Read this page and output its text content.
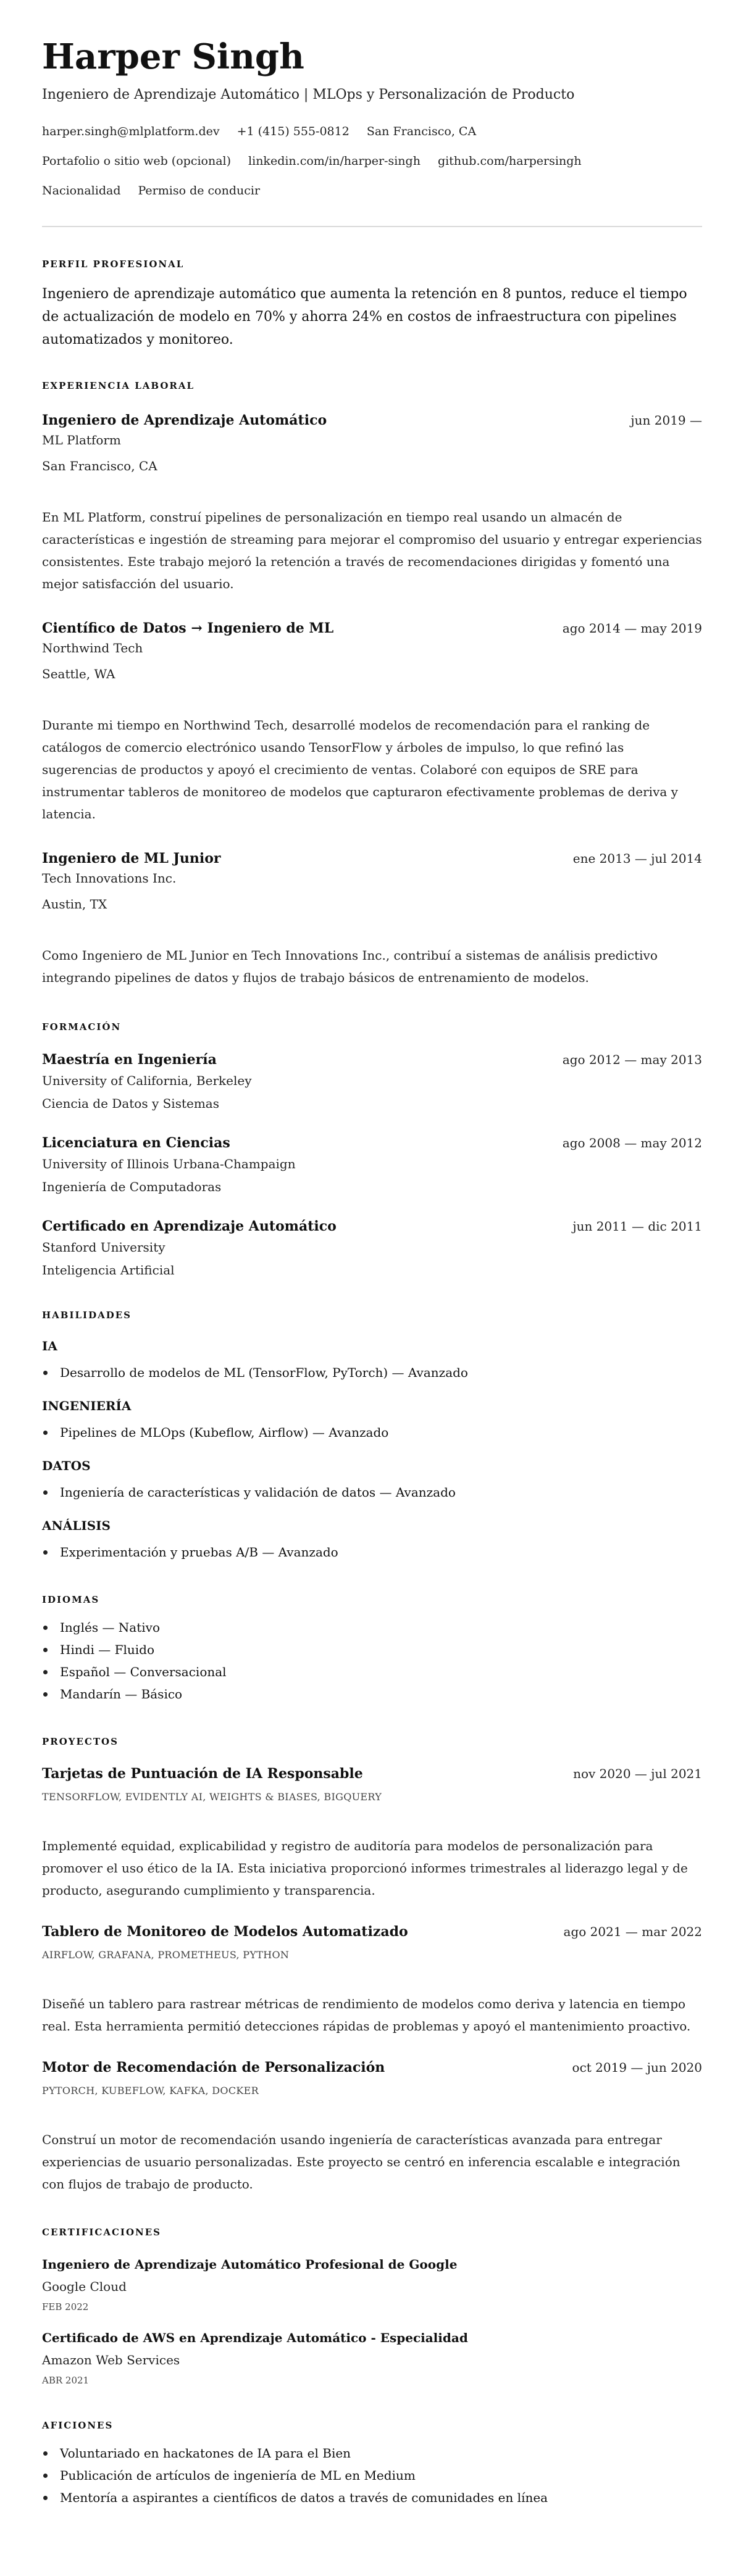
Harper Singh
Ingeniero de Aprendizaje Automático | MLOps y Personalización de Producto
harper.singh@mlplatform.dev +1 (415) 555-0812 San Francisco, CA
Portafolio o sitio web (opcional) linkedin.com/in/harper-singh github.com/harpersingh
Nacionalidad Permiso de conducir
PERFIL PROFESIONAL
Ingeniero de aprendizaje automático que aumenta la retención en 8 puntos, reduce el tiempo de actualización de modelo en 70% y ahorra 24% en costos de infraestructura con pipelines automatizados y monitoreo.
EXPERIENCIA LABORAL
Ingeniero de Aprendizaje Automático	jun 2019 —
ML Platform
San Francisco, CA
En ML Platform, construí pipelines de personalización en tiempo real usando un almacén de características e ingestión de streaming para mejorar el compromiso del usuario y entregar experiencias consistentes. Este trabajo mejoró la retención a través de recomendaciones dirigidas y fomentó una mejor satisfacción del usuario.
Científico de Datos → Ingeniero de ML	ago 2014 — may 2019
Northwind Tech
Seattle, WA
Durante mi tiempo en Northwind Tech, desarrollé modelos de recomendación para el ranking de catálogos de comercio electrónico usando TensorFlow y árboles de impulso, lo que refinó las sugerencias de productos y apoyó el crecimiento de ventas. Colaboré con equipos de SRE para instrumentar tableros de monitoreo de modelos que capturaron efectivamente problemas de deriva y latencia.
Ingeniero de ML Junior	ene 2013 — jul 2014
Tech Innovations Inc.
Austin, TX
Como Ingeniero de ML Junior en Tech Innovations Inc., contribuí a sistemas de análisis predictivo integrando pipelines de datos y flujos de trabajo básicos de entrenamiento de modelos.
FORMACIÓN
Maestría en Ingeniería	ago 2012 — may 2013
University of California, Berkeley
Ciencia de Datos y Sistemas
Licenciatura en Ciencias	ago 2008 — may 2012
University of Illinois Urbana-Champaign
Ingeniería de Computadoras
Certificado en Aprendizaje Automático	jun 2011 — dic 2011
Stanford University
Inteligencia Artificial
HABILIDADES
IA
Desarrollo de modelos de ML (TensorFlow, PyTorch) — Avanzado
INGENIERÍA
Pipelines de MLOps (Kubeflow, Airflow) — Avanzado
DATOS
Ingeniería de características y validación de datos — Avanzado
ANÁLISIS
Experimentación y pruebas A/B — Avanzado
IDIOMAS
Inglés — Nativo
Hindi — Fluido
Español — Conversacional
Mandarín — Básico
PROYECTOS
Tarjetas de Puntuación de IA Responsable	nov 2020 — jul 2021
TENSORFLOW, EVIDENTLY AI, WEIGHTS & BIASES, BIGQUERY
Implementé equidad, explicabilidad y registro de auditoría para modelos de personalización para promover el uso ético de la IA. Esta iniciativa proporcionó informes trimestrales al liderazgo legal y de producto, asegurando cumplimiento y transparencia.
Tablero de Monitoreo de Modelos Automatizado	ago 2021 — mar 2022
AIRFLOW, GRAFANA, PROMETHEUS, PYTHON
Diseñé un tablero para rastrear métricas de rendimiento de modelos como deriva y latencia en tiempo real. Esta herramienta permitió detecciones rápidas de problemas y apoyó el mantenimiento proactivo.
Motor de Recomendación de Personalización	oct 2019 — jun 2020
PYTORCH, KUBEFLOW, KAFKA, DOCKER
Construí un motor de recomendación usando ingeniería de características avanzada para entregar experiencias de usuario personalizadas. Este proyecto se centró en inferencia escalable e integración con flujos de trabajo de producto.
CERTIFICACIONES
Ingeniero de Aprendizaje Automático Profesional de Google
Google Cloud
FEB 2022
Certificado de AWS en Aprendizaje Automático - Especialidad
Amazon Web Services
ABR 2021
AFICIONES
Voluntariado en hackatones de IA para el Bien
Publicación de artículos de ingeniería de ML en Medium
Mentoría a aspirantes a científicos de datos a través de comunidades en línea
